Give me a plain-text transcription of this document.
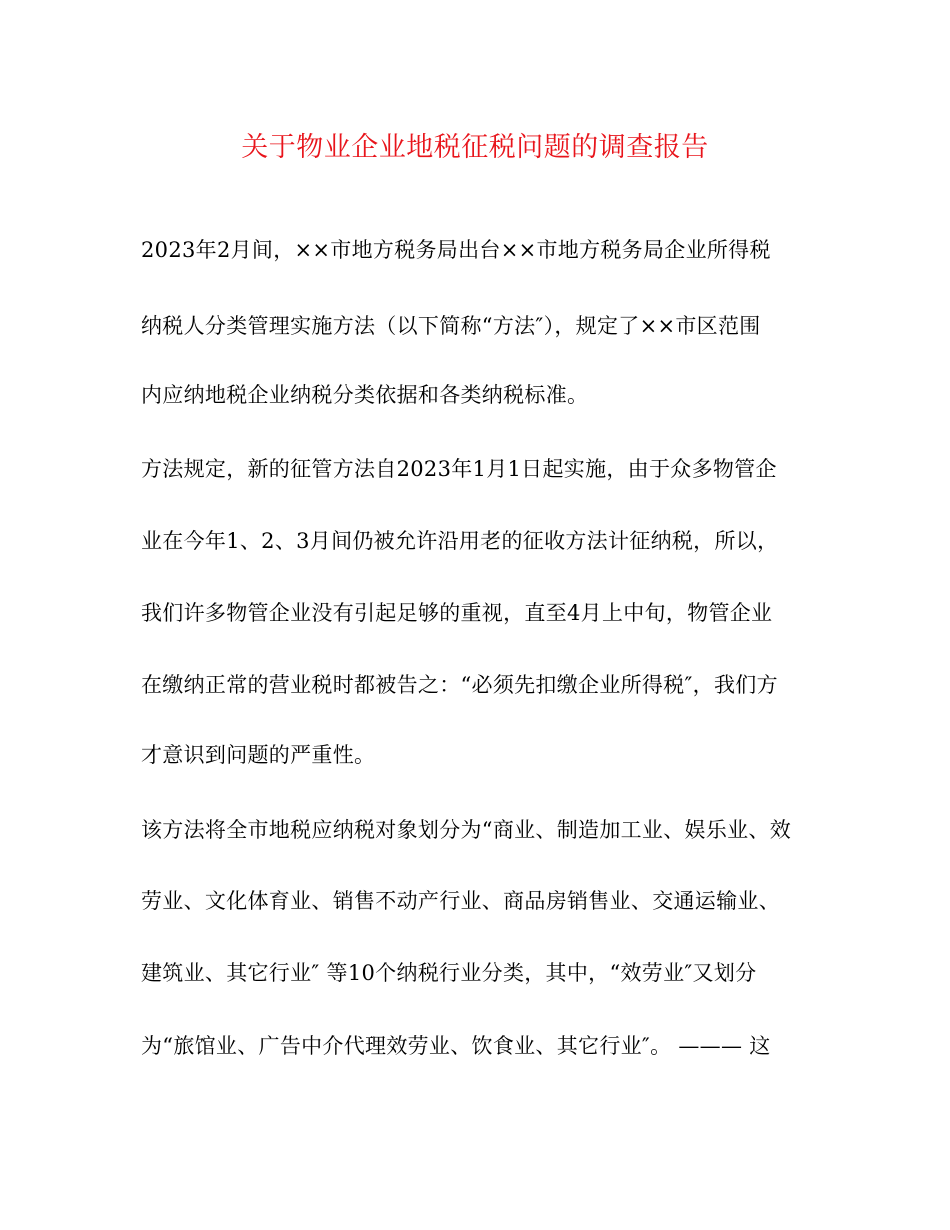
关于物业企业地税征税问题的调查报告
2023年2月间，××市地方税务局出台××市地方税务局企业所得税
纳税人分类管理实施方法（以下简称“方法″），规定了××市区范围
内应纳地税企业纳税分类依据和各类纳税标准。
方法规定，新的征管方法自2023年1月1日起实施，由于众多物管企
业在今年1、2、3月间仍被允许沿用老的征收方法计征纳税，所以，
我们许多物管企业没有引起足够的重视，直至4月上中旬，物管企业
在缴纳正常的营业税时都被告之：“必须先扣缴企业所得税″，我们方
才意识到问题的严重性。
该方法将全市地税应纳税对象划分为“商业、制造加工业、娱乐业、效
劳业、文化体育业、销售不动产行业、商品房销售业、交通运输业、
建筑业、其它行业″ 等10个纳税行业分类，其中，“效劳业″又划分
为“旅馆业、广告中介代理效劳业、饮食业、其它行业″。 ——— 这
